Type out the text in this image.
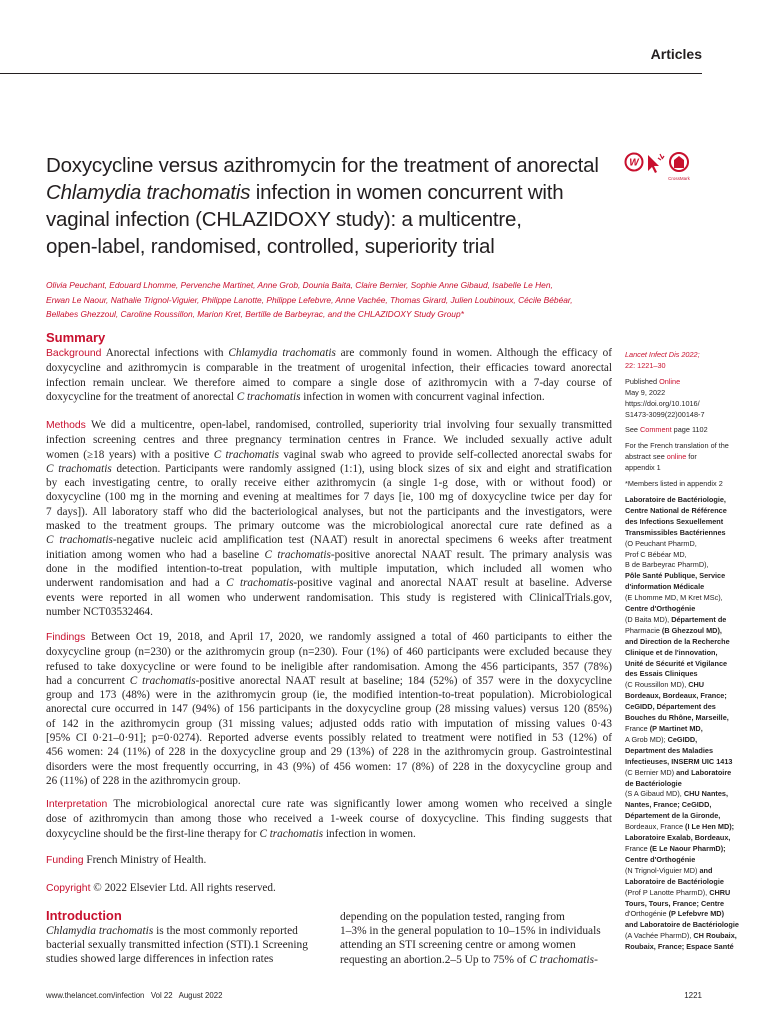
Articles
Doxycycline versus azithromycin for the treatment of anorectal
Chlamydia trachomatis infection in women concurrent with
vaginal infection (CHLAZIDOXY study): a multicentre,
open-label, randomised, controlled, superiority trial
W
CrossMark
Olivia Peuchant, Edouard Lhomme, Pervenche Martinet, Anne Grob, Dounia Baita, Claire Bernier, Sophie Anne Gibaud, Isabelle Le Hen,
Erwan Le Naour, Nathalie Trignol-Viguier, Philippe Lanotte, Philippe Lefebvre, Anne Vachée, Thomas Girard, Julien Loubinoux, Cécile Bébéar,
Bellabes Ghezzoul, Caroline Roussillon, Marion Kret, Bertille de Barbeyrac, and the CHLAZIDOXY Study Group*
Summary
Background Anorectal infections with Chlamydia trachomatis are commonly found in women. Although the efficacy of
doxycycline and azithromycin is comparable in the treatment of urogenital infection, their efficacies toward anorectal
infection remain unclear. We therefore aimed to compare a single dose of azithromycin with a 7-day course of
doxycycline for the treatment of anorectal C trachomatis infection in women with concurrent vaginal infection.
Methods We did a multicentre, open-label, randomised, controlled, superiority trial involving four sexually transmitted
infection screening centres and three pregnancy termination centres in France. We included sexually active adult
women (≥18 years) with a positive C trachomatis vaginal swab who agreed to provide self-collected anorectal swabs for
C trachomatis detection. Participants were randomly assigned (1:1), using block sizes of six and eight and stratification
by each investigating centre, to orally receive either azithromycin (a single 1-g dose, with or without food) or
doxycycline (100 mg in the morning and evening at mealtimes for 7 days [ie, 100 mg of doxycycline twice per day for
7 days]). All laboratory staff who did the bacteriological analyses, but not the participants and the investigators, were
masked to the treatment groups. The primary outcome was the microbiological anorectal cure rate defined as a
C trachomatis-negative nucleic acid amplification test (NAAT) result in anorectal specimens 6 weeks after treatment
initiation among women who had a baseline C trachomatis-positive anorectal NAAT result. The primary analysis was
done in the modified intention-to-treat population, with multiple imputation, which included all women who
underwent randomisation and had a C trachomatis-positive vaginal and anorectal NAAT result at baseline. Adverse
events were reported in all women who underwent randomisation. This study is registered with ClinicalTrials.gov,
number NCT03532464.
Findings Between Oct 19, 2018, and April 17, 2020, we randomly assigned a total of 460 participants to either the
doxycycline group (n=230) or the azithromycin group (n=230). Four (1%) of 460 participants were excluded because they
refused to take doxycycline or were found to be ineligible after randomisation. Among the 456 participants, 357 (78%)
had a concurrent C trachomatis-positive anorectal NAAT result at baseline; 184 (52%) of 357 were in the doxycycline
group and 173 (48%) were in the azithromycin group (ie, the modified intention-to-treat population). Microbiological
anorectal cure occurred in 147 (94%) of 156 participants in the doxycycline group (28 missing values) versus 120 (85%)
of 142 in the azithromycin group (31 missing values; adjusted odds ratio with imputation of missing values 0·43
[95% CI 0·21–0·91]; p=0·0274). Reported adverse events possibly related to treatment were notified in 53 (12%) of
456 women: 24 (11%) of 228 in the doxycycline group and 29 (13%) of 228 in the azithromycin group. Gastrointestinal
disorders were the most frequently occurring, in 43 (9%) of 456 women: 17 (8%) of 228 in the doxycycline group and
26 (11%) of 228 in the azithromycin group.
Interpretation The microbiological anorectal cure rate was significantly lower among women who received a single
dose of azithromycin than among those who received a 1-week course of doxycycline. This finding suggests that
doxycycline should be the first-line therapy for C trachomatis infection in women.
Funding French Ministry of Health.
Copyright © 2022 Elsevier Ltd. All rights reserved.
Introduction
Chlamydia trachomatis is the most commonly reported
bacterial sexually transmitted infection (STI).1 Screening
studies showed large differences in infection rates
depending on the population tested, ranging from
1–3% in the general population to 10–15% in individuals
attending an STI screening centre or among women
requesting an abortion.2–5 Up to 75% of C trachomatis-
Lancet Infect Dis 2022;
22: 1221–30
Published Online
May 9, 2022
https://doi.org/10.1016/
S1473-3099(22)00148-7
See Comment page 1102
For the French translation of the
abstract see online for
appendix 1
*Members listed in appendix 2
Laboratoire de Bactériologie,
Centre National de Référence
des Infections Sexuellement
Transmissibles Bactériennes
(O Peuchant PharmD,
Prof C Bébéar MD,
B de Barbeyrac PharmD),
Pôle Santé Publique, Service
d'information Médicale
(E Lhomme MD, M Kret MSc),
Centre d'Orthogénie
(D Baita MD), Département de
Pharmacie (B Ghezzoul MD),
and Direction de la Recherche
Clinique et de l'innovation,
Unité de Sécurité et Vigilance
des Essais Cliniques
(C Roussillon MD), CHU
Bordeaux, Bordeaux, France;
CeGIDD, Département des
Bouches du Rhône, Marseille,
France (P Martinet MD,
A Grob MD); CeGIDD,
Department des Maladies
Infectieuses, INSERM UIC 1413
(C Bernier MD) and Laboratoire
de Bactériologie
(S A Gibaud MD), CHU Nantes,
Nantes, France; CeGIDD,
Département de la Gironde,
Bordeaux, France (I Le Hen MD);
Laboratoire Exalab, Bordeaux,
France (E Le Naour PharmD);
Centre d'Orthogénie
(N Trignol-Viguier MD) and
Laboratoire de Bactériologie
(Prof P Lanotte PharmD), CHRU
Tours, Tours, France; Centre
d'Orthogénie (P Lefebvre MD)
and Laboratoire de Bactériologie
(A Vachée PharmD), CH Roubaix,
Roubaix, France; Espace Santé
www.thelancet.com/infection   Vol 22   August 2022	1221
